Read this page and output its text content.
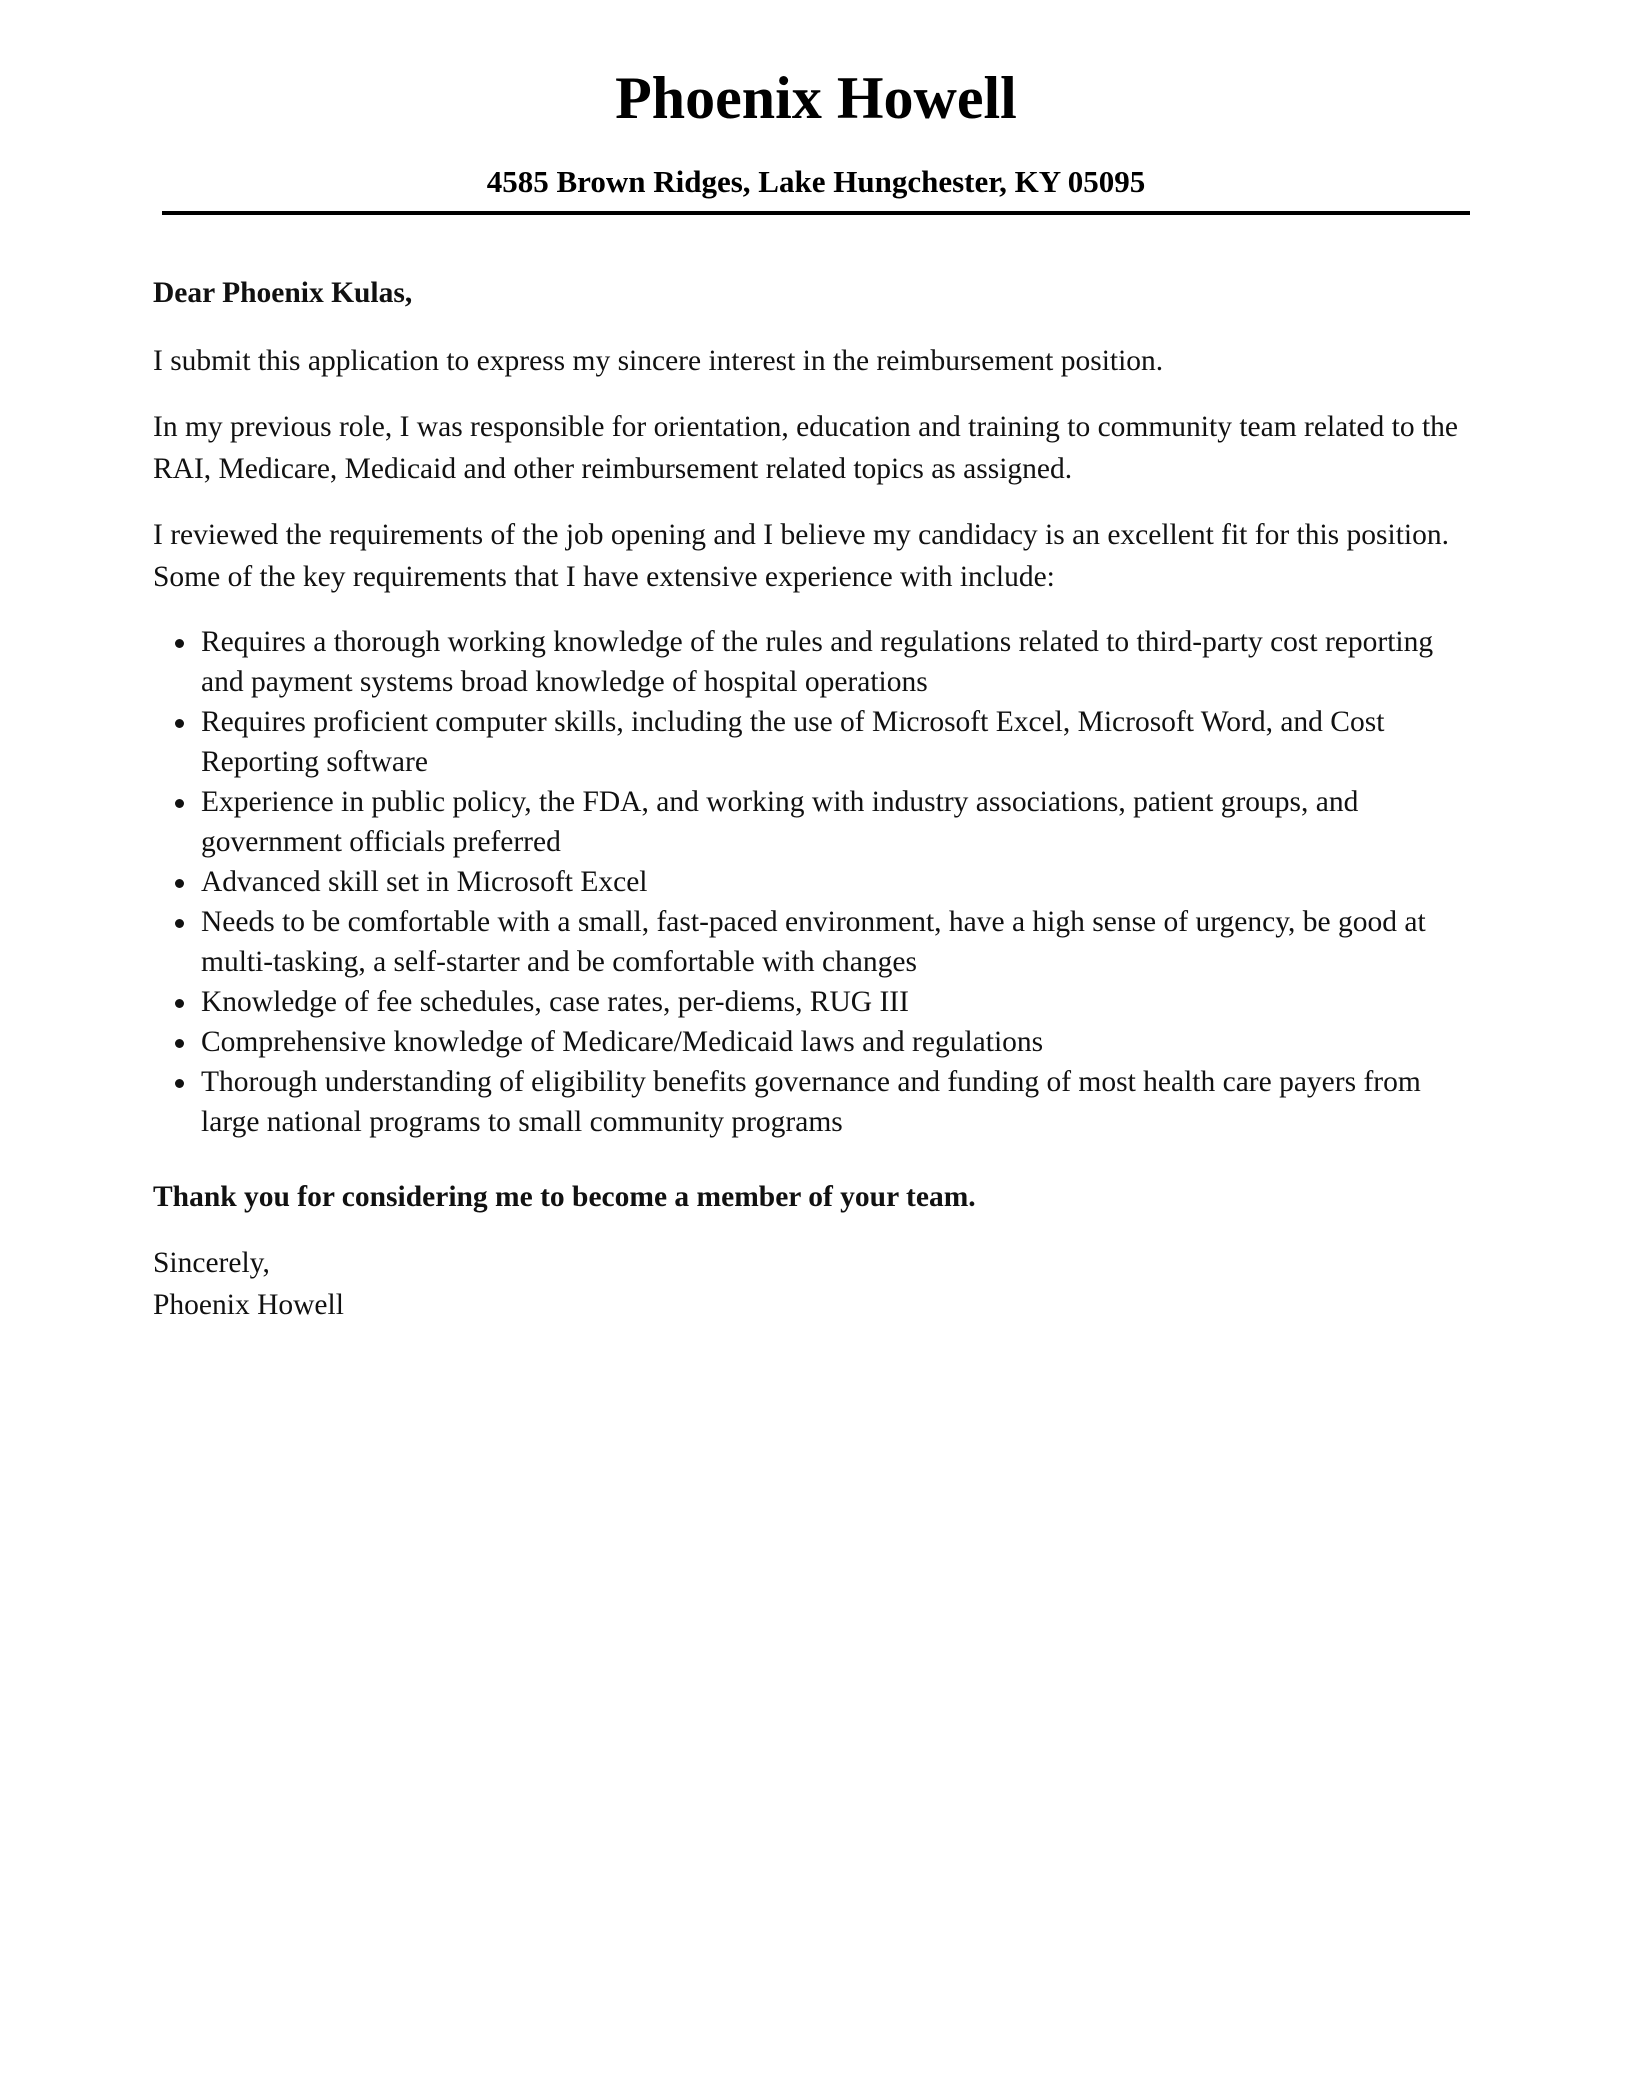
Phoenix Howell
4585 Brown Ridges, Lake Hungchester, KY 05095

Dear Phoenix Kulas,

I submit this application to express my sincere interest in the reimbursement position.

In my previous role, I was responsible for orientation, education and training to community team related to the RAI, Medicare, Medicaid and other reimbursement related topics as assigned.

I reviewed the requirements of the job opening and I believe my candidacy is an excellent fit for this position. Some of the key requirements that I have extensive experience with include:

Requires a thorough working knowledge of the rules and regulations related to third-party cost reporting and payment systems broad knowledge of hospital operations
Requires proficient computer skills, including the use of Microsoft Excel, Microsoft Word, and Cost Reporting software
Experience in public policy, the FDA, and working with industry associations, patient groups, and government officials preferred
Advanced skill set in Microsoft Excel
Needs to be comfortable with a small, fast-paced environment, have a high sense of urgency, be good at multi-tasking, a self-starter and be comfortable with changes
Knowledge of fee schedules, case rates, per-diems, RUG III
Comprehensive knowledge of Medicare/Medicaid laws and regulations
Thorough understanding of eligibility benefits governance and funding of most health care payers from large national programs to small community programs

Thank you for considering me to become a member of your team.

Sincerely,

Phoenix Howell
